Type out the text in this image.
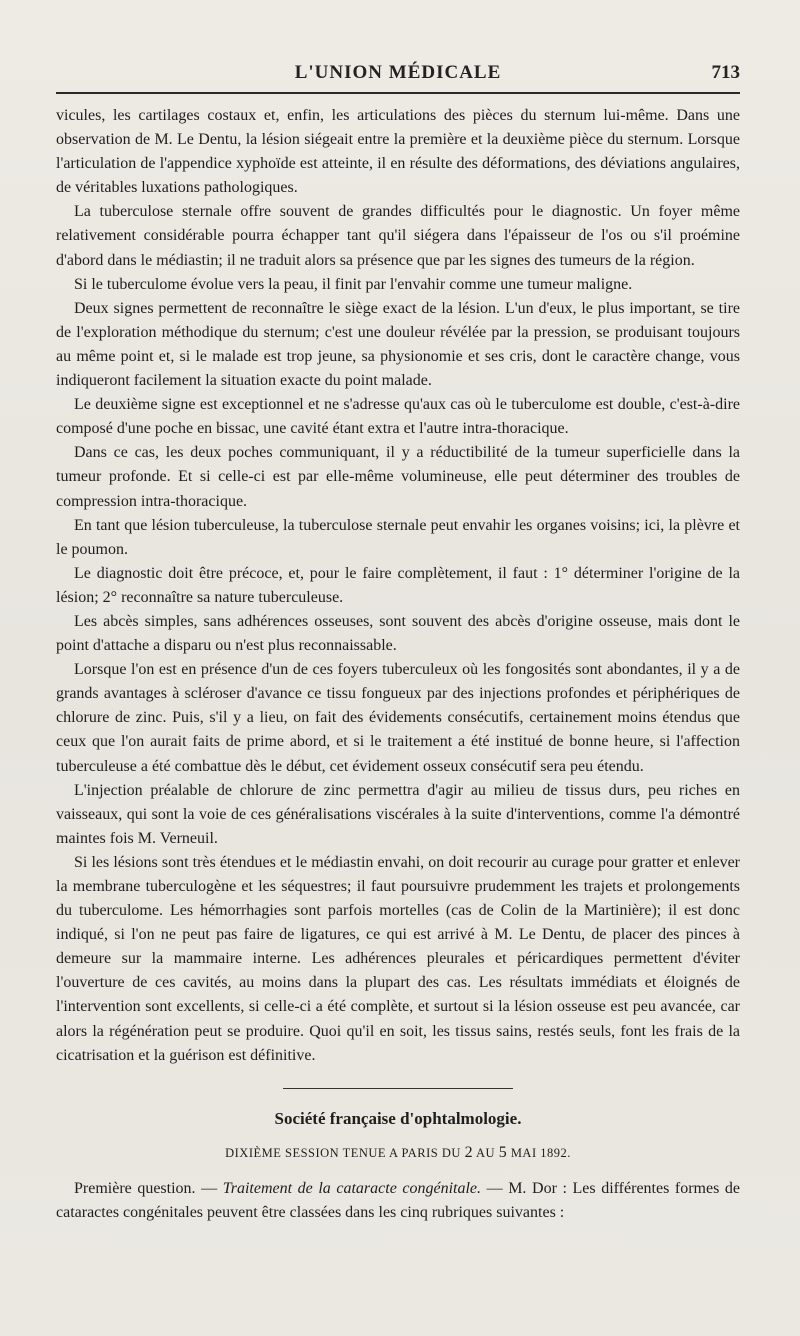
L'UNION MÉDICALE	713

vicules, les cartilages costaux et, enfin, les articulations des pièces du sternum lui-même. Dans une observation de M. Le Dentu, la lésion siégeait entre la première et la deuxième pièce du sternum. Lorsque l'articulation de l'appendice xyphoïde est atteinte, il en résulte des déformations, des déviations angulaires, de véritables luxations pathologiques.

La tuberculose sternale offre souvent de grandes difficultés pour le diagnostic. Un foyer même relativement considérable pourra échapper tant qu'il siégera dans l'épaisseur de l'os ou s'il proémine d'abord dans le médiastin; il ne traduit alors sa présence que par les signes des tumeurs de la région.

Si le tuberculome évolue vers la peau, il finit par l'envahir comme une tumeur maligne.

Deux signes permettent de reconnaître le siège exact de la lésion. L'un d'eux, le plus important, se tire de l'exploration méthodique du sternum; c'est une douleur révélée par la pression, se produisant toujours au même point et, si le malade est trop jeune, sa physionomie et ses cris, dont le caractère change, vous indiqueront facilement la situation exacte du point malade.

Le deuxième signe est exceptionnel et ne s'adresse qu'aux cas où le tuberculome est double, c'est-à-dire composé d'une poche en bissac, une cavité étant extra et l'autre intra-thoracique.

Dans ce cas, les deux poches communiquant, il y a réductibilité de la tumeur superficielle dans la tumeur profonde. Et si celle-ci est par elle-même volumineuse, elle peut déterminer des troubles de compression intra-thoracique.

En tant que lésion tuberculeuse, la tuberculose sternale peut envahir les organes voisins; ici, la plèvre et le poumon.

Le diagnostic doit être précoce, et, pour le faire complètement, il faut : 1° déterminer l'origine de la lésion; 2° reconnaître sa nature tuberculeuse.

Les abcès simples, sans adhérences osseuses, sont souvent des abcès d'origine osseuse, mais dont le point d'attache a disparu ou n'est plus reconnaissable.

Lorsque l'on est en présence d'un de ces foyers tuberculeux où les fongosités sont abondantes, il y a de grands avantages à scléroser d'avance ce tissu fongueux par des injections profondes et périphériques de chlorure de zinc. Puis, s'il y a lieu, on fait des évidements consécutifs, certainement moins étendus que ceux que l'on aurait faits de prime abord, et si le traitement a été institué de bonne heure, si l'affection tuberculeuse a été combattue dès le début, cet évidement osseux consécutif sera peu étendu.

L'injection préalable de chlorure de zinc permettra d'agir au milieu de tissus durs, peu riches en vaisseaux, qui sont la voie de ces généralisations viscérales à la suite d'interventions, comme l'a démontré maintes fois M. Verneuil.

Si les lésions sont très étendues et le médiastin envahi, on doit recourir au curage pour gratter et enlever la membrane tuberculogène et les séquestres; il faut poursuivre prudemment les trajets et prolongements du tuberculome. Les hémorrhagies sont parfois mortelles (cas de Colin de la Martinière); il est donc indiqué, si l'on ne peut pas faire de ligatures, ce qui est arrivé à M. Le Dentu, de placer des pinces à demeure sur la mammaire interne. Les adhérences pleurales et péricardiques permettent d'éviter l'ouverture de ces cavités, au moins dans la plupart des cas. Les résultats immédiats et éloignés de l'intervention sont excellents, si celle-ci a été complète, et surtout si la lésion osseuse est peu avancée, car alors la régénération peut se produire. Quoi qu'il en soit, les tissus sains, restés seuls, font les frais de la cicatrisation et la guérison est définitive.

Société française d'ophtalmologie.
DIXIÈME SESSION TENUE A PARIS DU 2 AU 5 MAI 1892.

Première question. — Traitement de la cataracte congénitale. — M. Dor : Les différentes formes de cataractes congénitales peuvent être classées dans les cinq rubriques suivantes :
